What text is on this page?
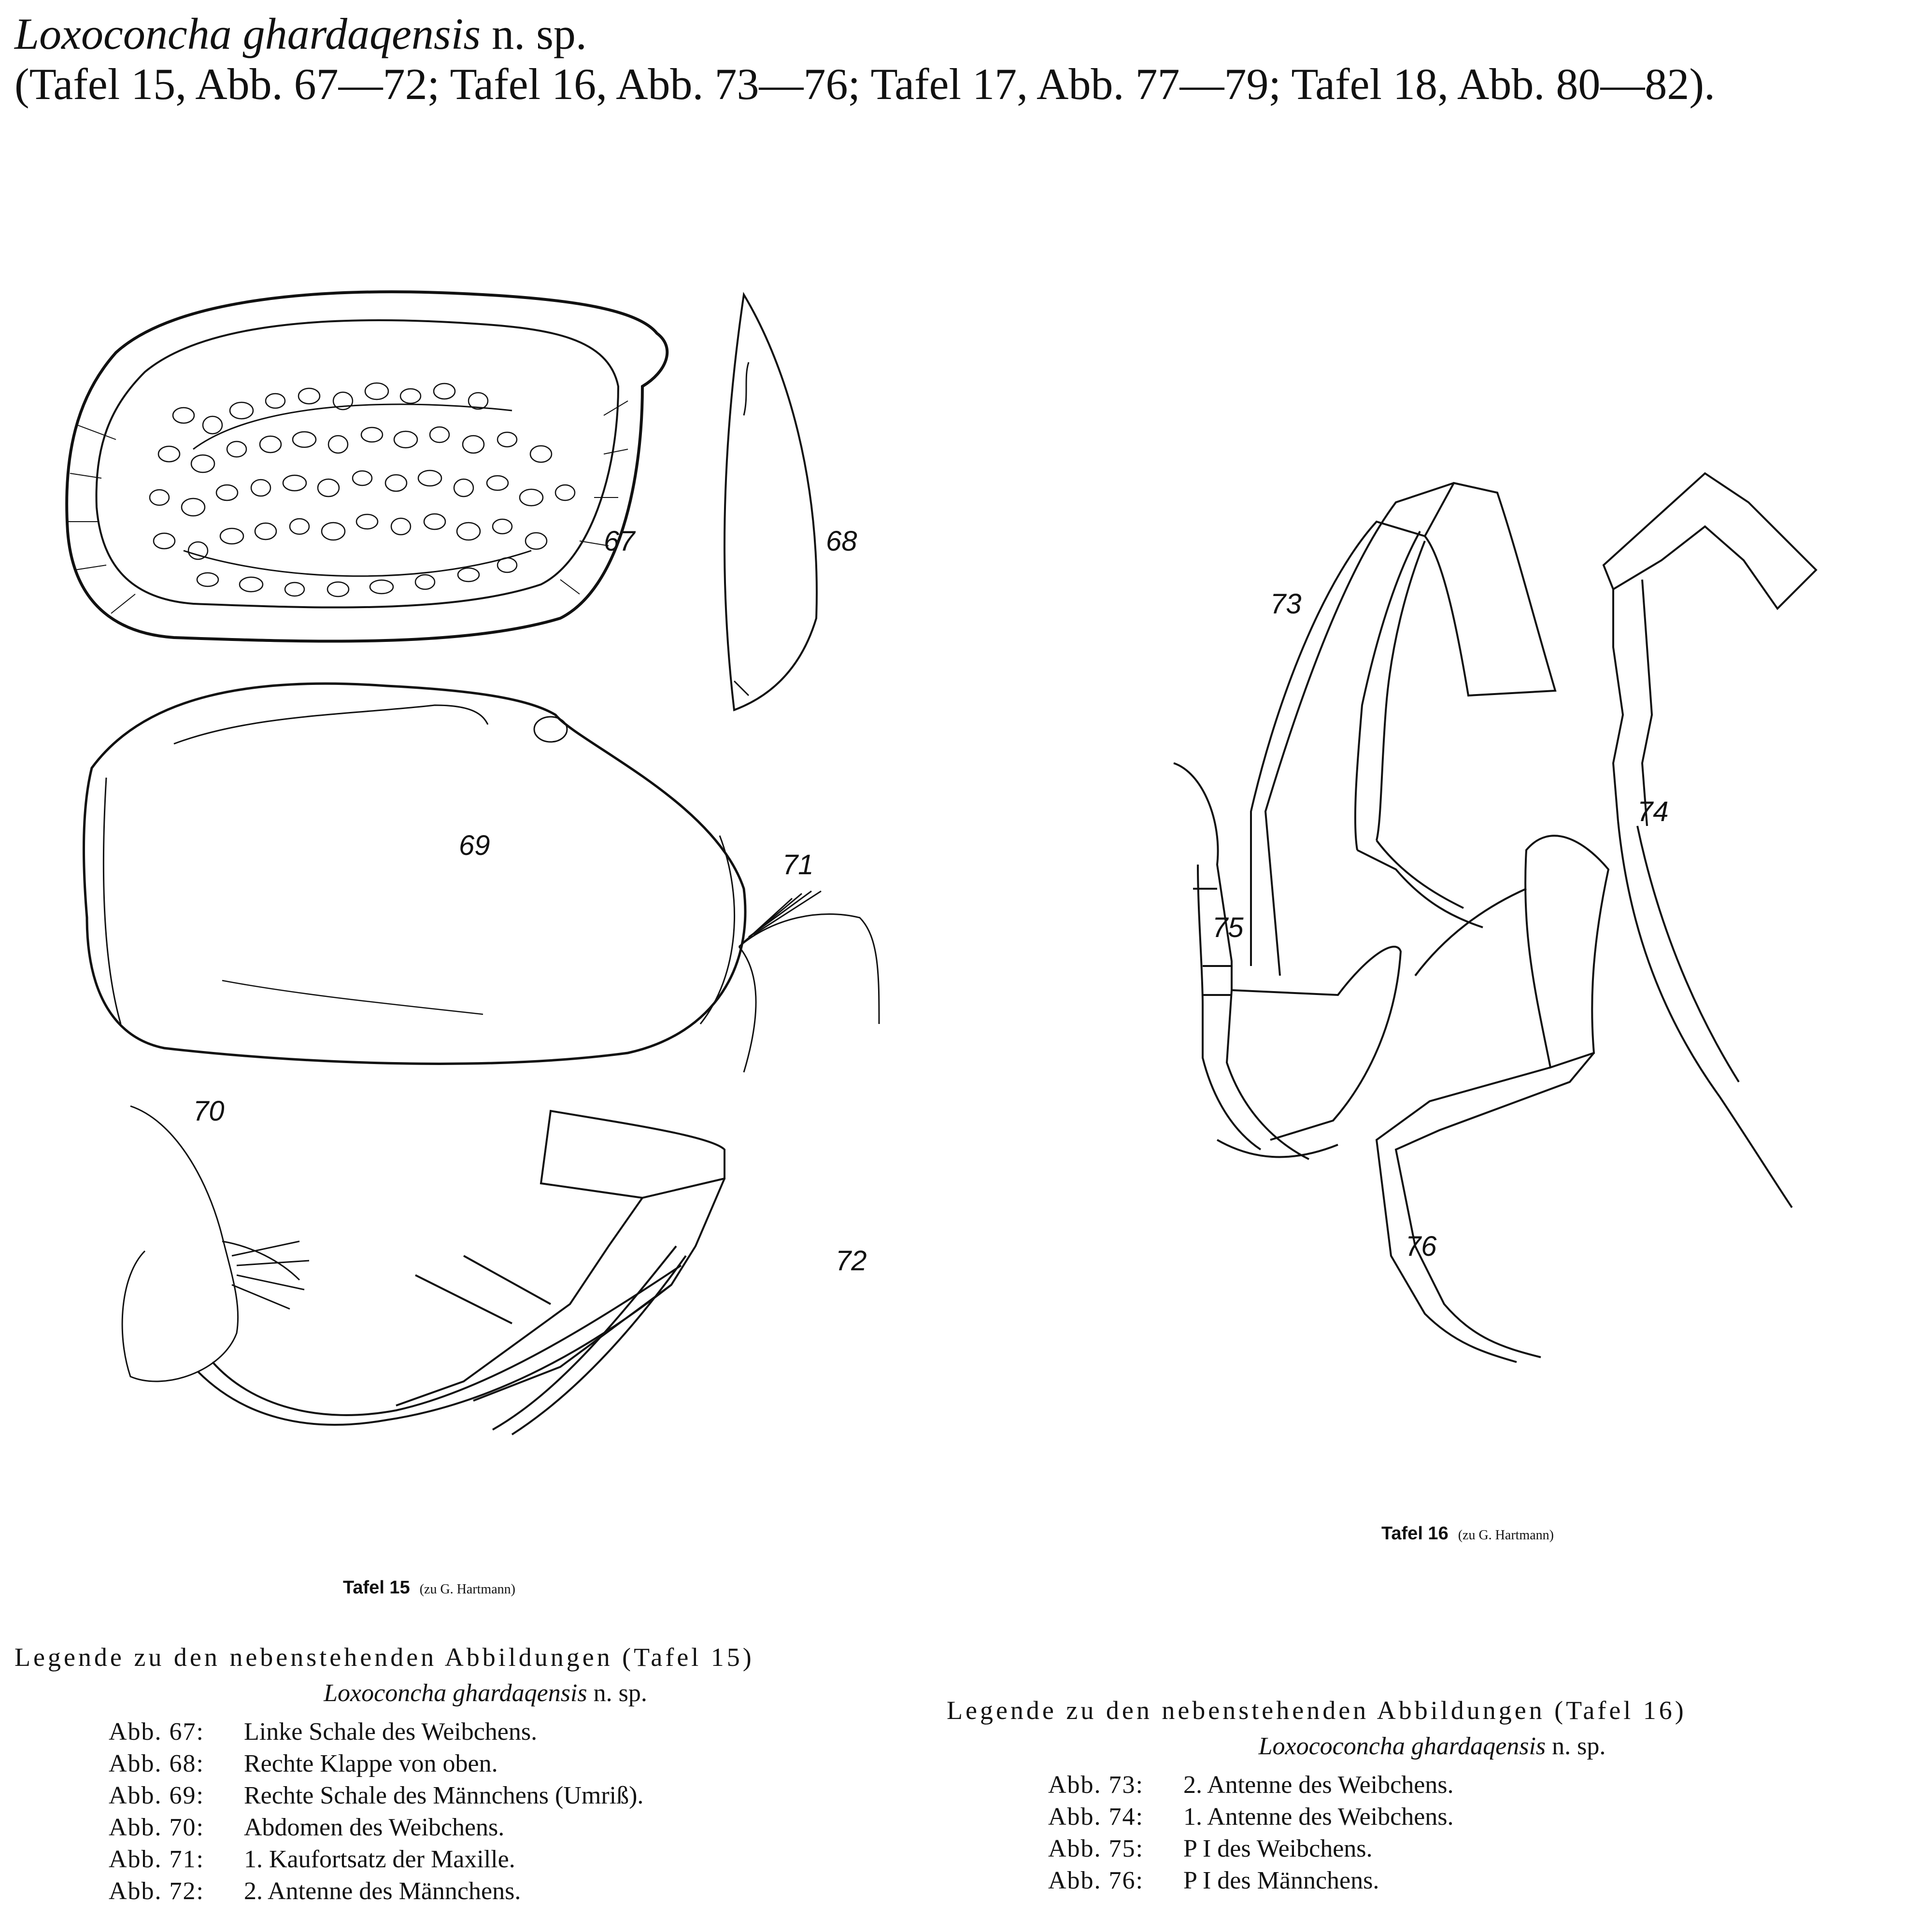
Loxoconcha ghardaqensis n. sp.
(Tafel 15, Abb. 67—72; Tafel 16, Abb. 73—76; Tafel 17, Abb. 77—79; Tafel 18, Abb. 80—82).
67	68
69
70
71
72
73
74
75
76
Tafel 15 (zu G. Hartmann)
Tafel 16 (zu G. Hartmann)
Legende zu den nebenstehenden Abbildungen (Tafel 15)
Loxoconcha ghardaqensis n. sp.
Abb. 67: Linke Schale des Weibchens.
Abb. 68: Rechte Klappe von oben.
Abb. 69: Rechte Schale des Männchens (Umriß).
Abb. 70: Abdomen des Weibchens.
Abb. 71: 1. Kaufortsatz der Maxille.
Abb. 72: 2. Antenne des Männchens.
Legende zu den nebenstehenden Abbildungen (Tafel 16)
Loxococoncha ghardaqensis n. sp.
Abb. 73: 2. Antenne des Weibchens.
Abb. 74: 1. Antenne des Weibchens.
Abb. 75: P I des Weibchens.
Abb. 76: P I des Männchens.
